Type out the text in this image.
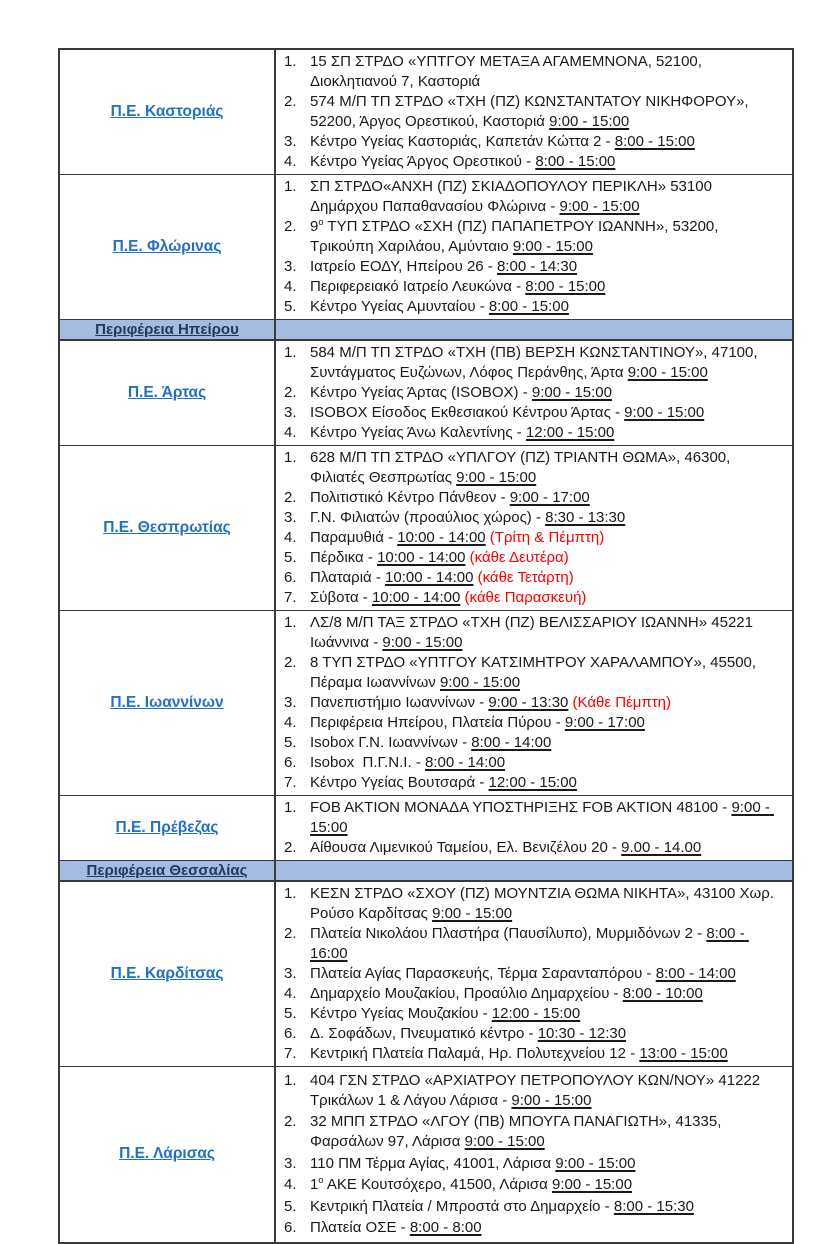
Π.Ε. Καστοριάς
1. 15 ΣΠ ΣΤΡΔΟ «ΥΠΤΓΟΥ ΜΕΤΑΞΑ ΑΓΑΜΕΜΝΟΝΑ, 52100, Διοκλητιανού 7, Καστοριά
2. 574 Μ/Π ΤΠ ΣΤΡΔΟ «ΤΧΗ (ΠΖ) ΚΩΝΣΤΑΝΤΑΤΟΥ ΝΙΚΗΦΟΡΟΥ», 52200, Άργος Ορεστικού, Καστοριά 9:00 - 15:00
3. Κέντρο Υγείας Καστοριάς, Καπετάν Κώττα 2 - 8:00 - 15:00
4. Κέντρο Υγείας Άργος Ορεστικού - 8:00 - 15:00
Π.Ε. Φλώρινας
1. ΣΠ ΣΤΡΔΟ«ΑΝΧΗ (ΠΖ) ΣΚΙΑΔΟΠΟΥΛΟΥ ΠΕΡΙΚΛΗ» 53100 Δημάρχου Παπαθανασίου Φλώρινα - 9:00 - 15:00
2. $9^o$ ΤΥΠ ΣΤΡΔΟ «ΣΧΗ (ΠΖ) ΠΑΠΑΠΕΤΡΟΥ ΙΩΑΝΝΗ», 53200, Τρικούπη Χαριλάου, Αμύνταιο 9:00 - 15:00
3. Ιατρείο ΕΟΔΥ, Ηπείρου 26 - 8:00 - 14:30
4. Περιφερειακό Ιατρείο Λευκώνα - 8:00 - 15:00
5. Κέντρο Υγείας Αμυνταίου - 8:00 - 15:00
Περιφέρεια Ηπείρου
Π.Ε. Άρτας
1. 584 Μ/Π ΤΠ ΣΤΡΔΟ «ΤΧΗ (ΠΒ) ΒΕΡΣΗ ΚΩΝΣΤΑΝΤΙΝΟΥ», 47100, Συντάγματος Ευζώνων, Λόφος Περάνθης, Άρτα 9:00 - 15:00
2. Κέντρο Υγείας Άρτας (ISOBOX) - 9:00 - 15:00
3. ISOBOX Είσοδος Εκθεσιακού Κέντρου Άρτας - 9:00 - 15:00
4. Κέντρο Υγείας Άνω Καλεντίνης - 12:00 - 15:00
Π.Ε. Θεσπρωτίας
1. 628 Μ/Π ΤΠ ΣΤΡΔΟ «ΥΠΛΓΟΥ (ΠΖ) ΤΡΙΑΝΤΗ ΘΩΜΑ», 46300, Φιλιατές Θεσπρωτίας 9:00 - 15:00
2. Πολιτιστικό Κέντρο Πάνθεον - 9:00 - 17:00
3. Γ.Ν. Φιλιατών (προαύλιος χώρος) - 8:30 - 13:30
4. Παραμυθιά - 10:00 - 14:00 (Τρίτη & Πέμπτη)
5. Πέρδικα - 10:00 - 14:00 (κάθε Δευτέρα)
6. Πλαταριά - 10:00 - 14:00 (κάθε Τετάρτη)
7. Σύβοτα - 10:00 - 14:00 (κάθε Παρασκευή)
Π.Ε. Ιωαννίνων
1. ΛΣ/8 Μ/Π ΤΑΞ ΣΤΡΔΟ «ΤΧΗ (ΠΖ) ΒΕΛΙΣΣΑΡΙΟΥ ΙΩΑΝΝΗ» 45221 Ιωάννινα - 9:00 - 15:00
2. 8 ΤΥΠ ΣΤΡΔΟ «ΥΠΤΓΟΥ ΚΑΤΣΙΜΗΤΡΟΥ ΧΑΡΑΛΑΜΠΟΥ», 45500, Πέραμα Ιωαννίνων 9:00 - 15:00
3. Πανεπιστήμιο Ιωαννίνων - 9:00 - 13:30 (Κάθε Πέμπτη)
4. Περιφέρεια Ηπείρου, Πλατεία Πύρου - 9:00 - 17:00
5. Isobox Γ.Ν. Ιωαννίνων - 8:00 - 14:00
6. Isobox  Π.Γ.Ν.Ι. - 8:00 - 14:00
7. Κέντρο Υγείας Βουτσαρά - 12:00 - 15:00
Π.Ε. Πρέβεζας
1. FOB AKTION ΜΟΝΑΔΑ ΥΠΟΣΤΗΡΙΞΗΣ FOB AKTION 48100 - 9:00 - 15:00
2. Αίθουσα Λιμενικού Ταμείου, Ελ. Βενιζέλου 20 - 9.00 - 14.00
Περιφέρεια Θεσσαλίας
Π.Ε. Καρδίτσας
1. ΚΕΣΝ ΣΤΡΔΟ «ΣΧΟΥ (ΠΖ) ΜΟΥΝΤΖΙΑ ΘΩΜΑ ΝΙΚΗΤΑ», 43100 Χωρ. Ρούσο Καρδίτσας 9:00 - 15:00
2. Πλατεία Νικολάου Πλαστήρα (Παυσίλυπο), Μυρμιδόνων 2 - 8:00 - 16:00
3. Πλατεία Αγίας Παρασκευής, Τέρμα Σαρανταπόρου - 8:00 - 14:00
4. Δημαρχείο Μουζακίου, Προαύλιο Δημαρχείου - 8:00 - 10:00
5. Κέντρο Υγείας Μουζακίου - 12:00 - 15:00
6. Δ. Σοφάδων, Πνευματικό κέντρο - 10:30 - 12:30
7. Κεντρική Πλατεία Παλαμά, Ηρ. Πολυτεχνείου 12 - 13:00 - 15:00
Π.Ε. Λάρισας
1. 404 ΓΣΝ ΣΤΡΔΟ «ΑΡΧΙΑΤΡΟΥ ΠΕΤΡΟΠΟΥΛΟΥ ΚΩΝ/ΝΟΥ» 41222 Τρικάλων 1 & Λάγου Λάρισα - 9:00 - 15:00
2. 32 ΜΠΠ ΣΤΡΔΟ «ΛΓΟΥ (ΠΒ) ΜΠΟΥΓΑ ΠΑΝΑΓΙΩΤΗ», 41335, Φαρσάλων 97, Λάρισα 9:00 - 15:00
3. 110 ΠΜ Τέρμα Αγίας, 41001, Λάρισα 9:00 - 15:00
4. $1^o$ ΑΚΕ Κουτσόχερο, 41500, Λάρισα 9:00 - 15:00
5. Κεντρική Πλατεία / Μπροστά στο Δημαρχείο - 8:00 - 15:30
6. Πλατεία ΟΣΕ - 8:00 - 8:00
